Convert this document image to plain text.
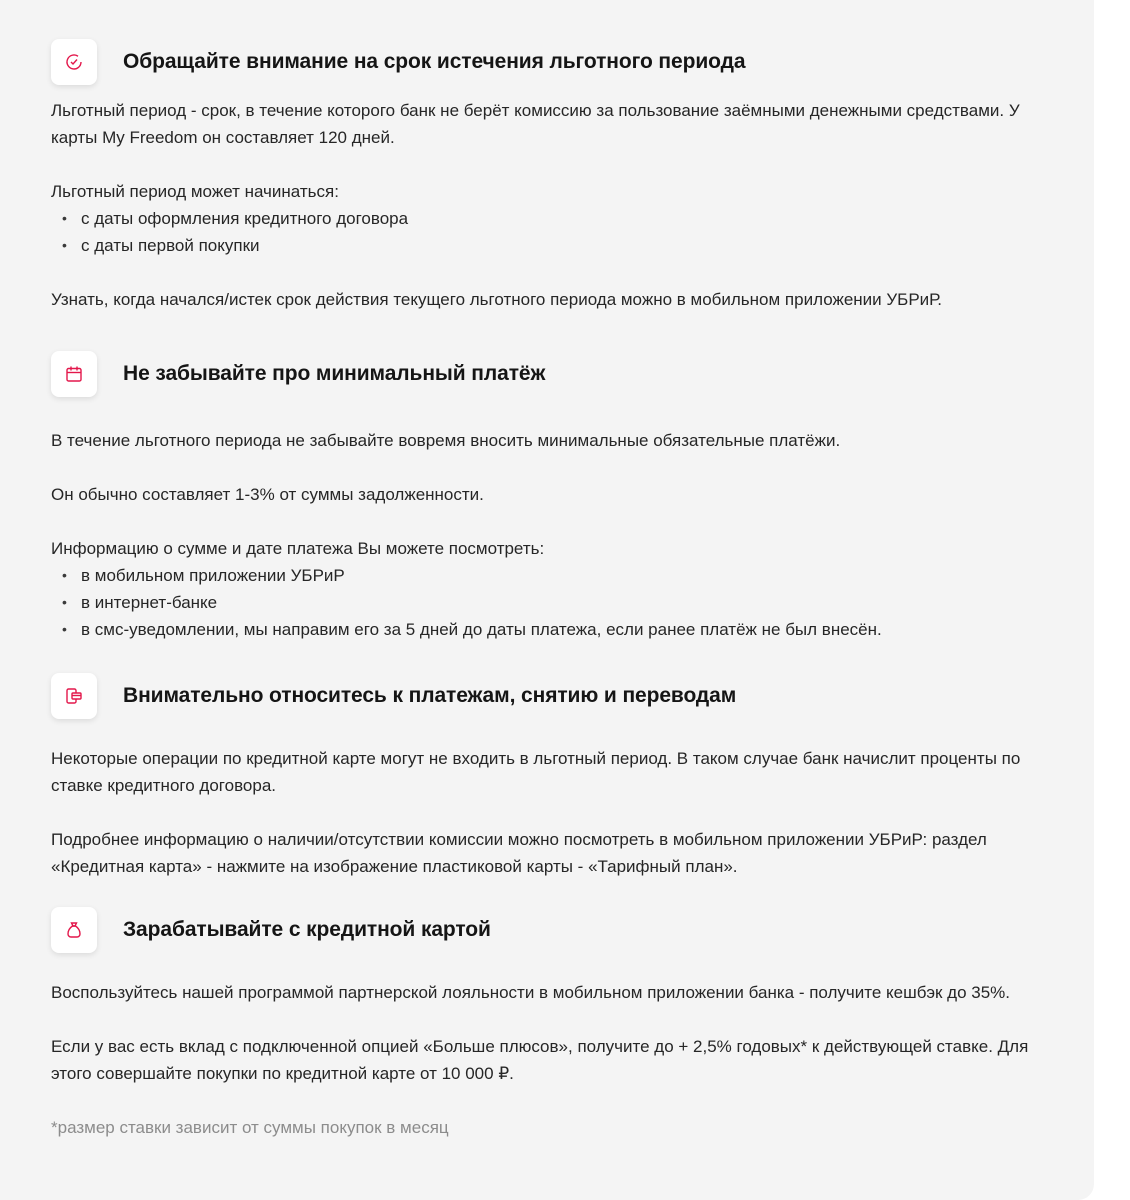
Обращайте внимание на срок истечения льготного периода

Льготный период - срок, в течение которого банк не берёт комиссию за пользование заёмными денежными средствами. У карты My Freedom он составляет 120 дней.

Льготный период может начинаться:

• с даты оформления кредитного договора
• с даты первой покупки

Узнать, когда начался/истек срок действия текущего льготного периода можно в мобильном приложении УБРиР.

Не забывайте про минимальный платёж

В течение льготного периода не забывайте вовремя вносить минимальные обязательные платёжи.

Он обычно составляет 1-3% от суммы задолженности.

Информацию о сумме и дате платежа Вы можете посмотреть:

• в мобильном приложении УБРиР
• в интернет-банке
• в смс-уведомлении, мы направим его за 5 дней до даты платежа, если ранее платёж не был внесён.
Внимательно относитесь к платежам, снятию и переводам

Некоторые операции по кредитной карте могут не входить в льготный период. В таком случае банк начислит проценты по ставке кредитного договора.

Подробнее информацию о наличии/отсутствии комиссии можно посмотреть в мобильном приложении УБРиР: раздел «Кредитная карта» - нажмите на изображение пластиковой карты - «Тарифный план».

Зарабатывайте с кредитной картой

Воспользуйтесь нашей программой партнерской лояльности в мобильном приложении банка - получите кешбэк до 35%.

Если у вас есть вклад с подключенной опцией «Больше плюсов», получите до + 2,5% годовых* к действующей ставке. Для этого совершайте покупки по кредитной карте от 10 000 ₽.

*размер ставки зависит от суммы покупок в месяц
